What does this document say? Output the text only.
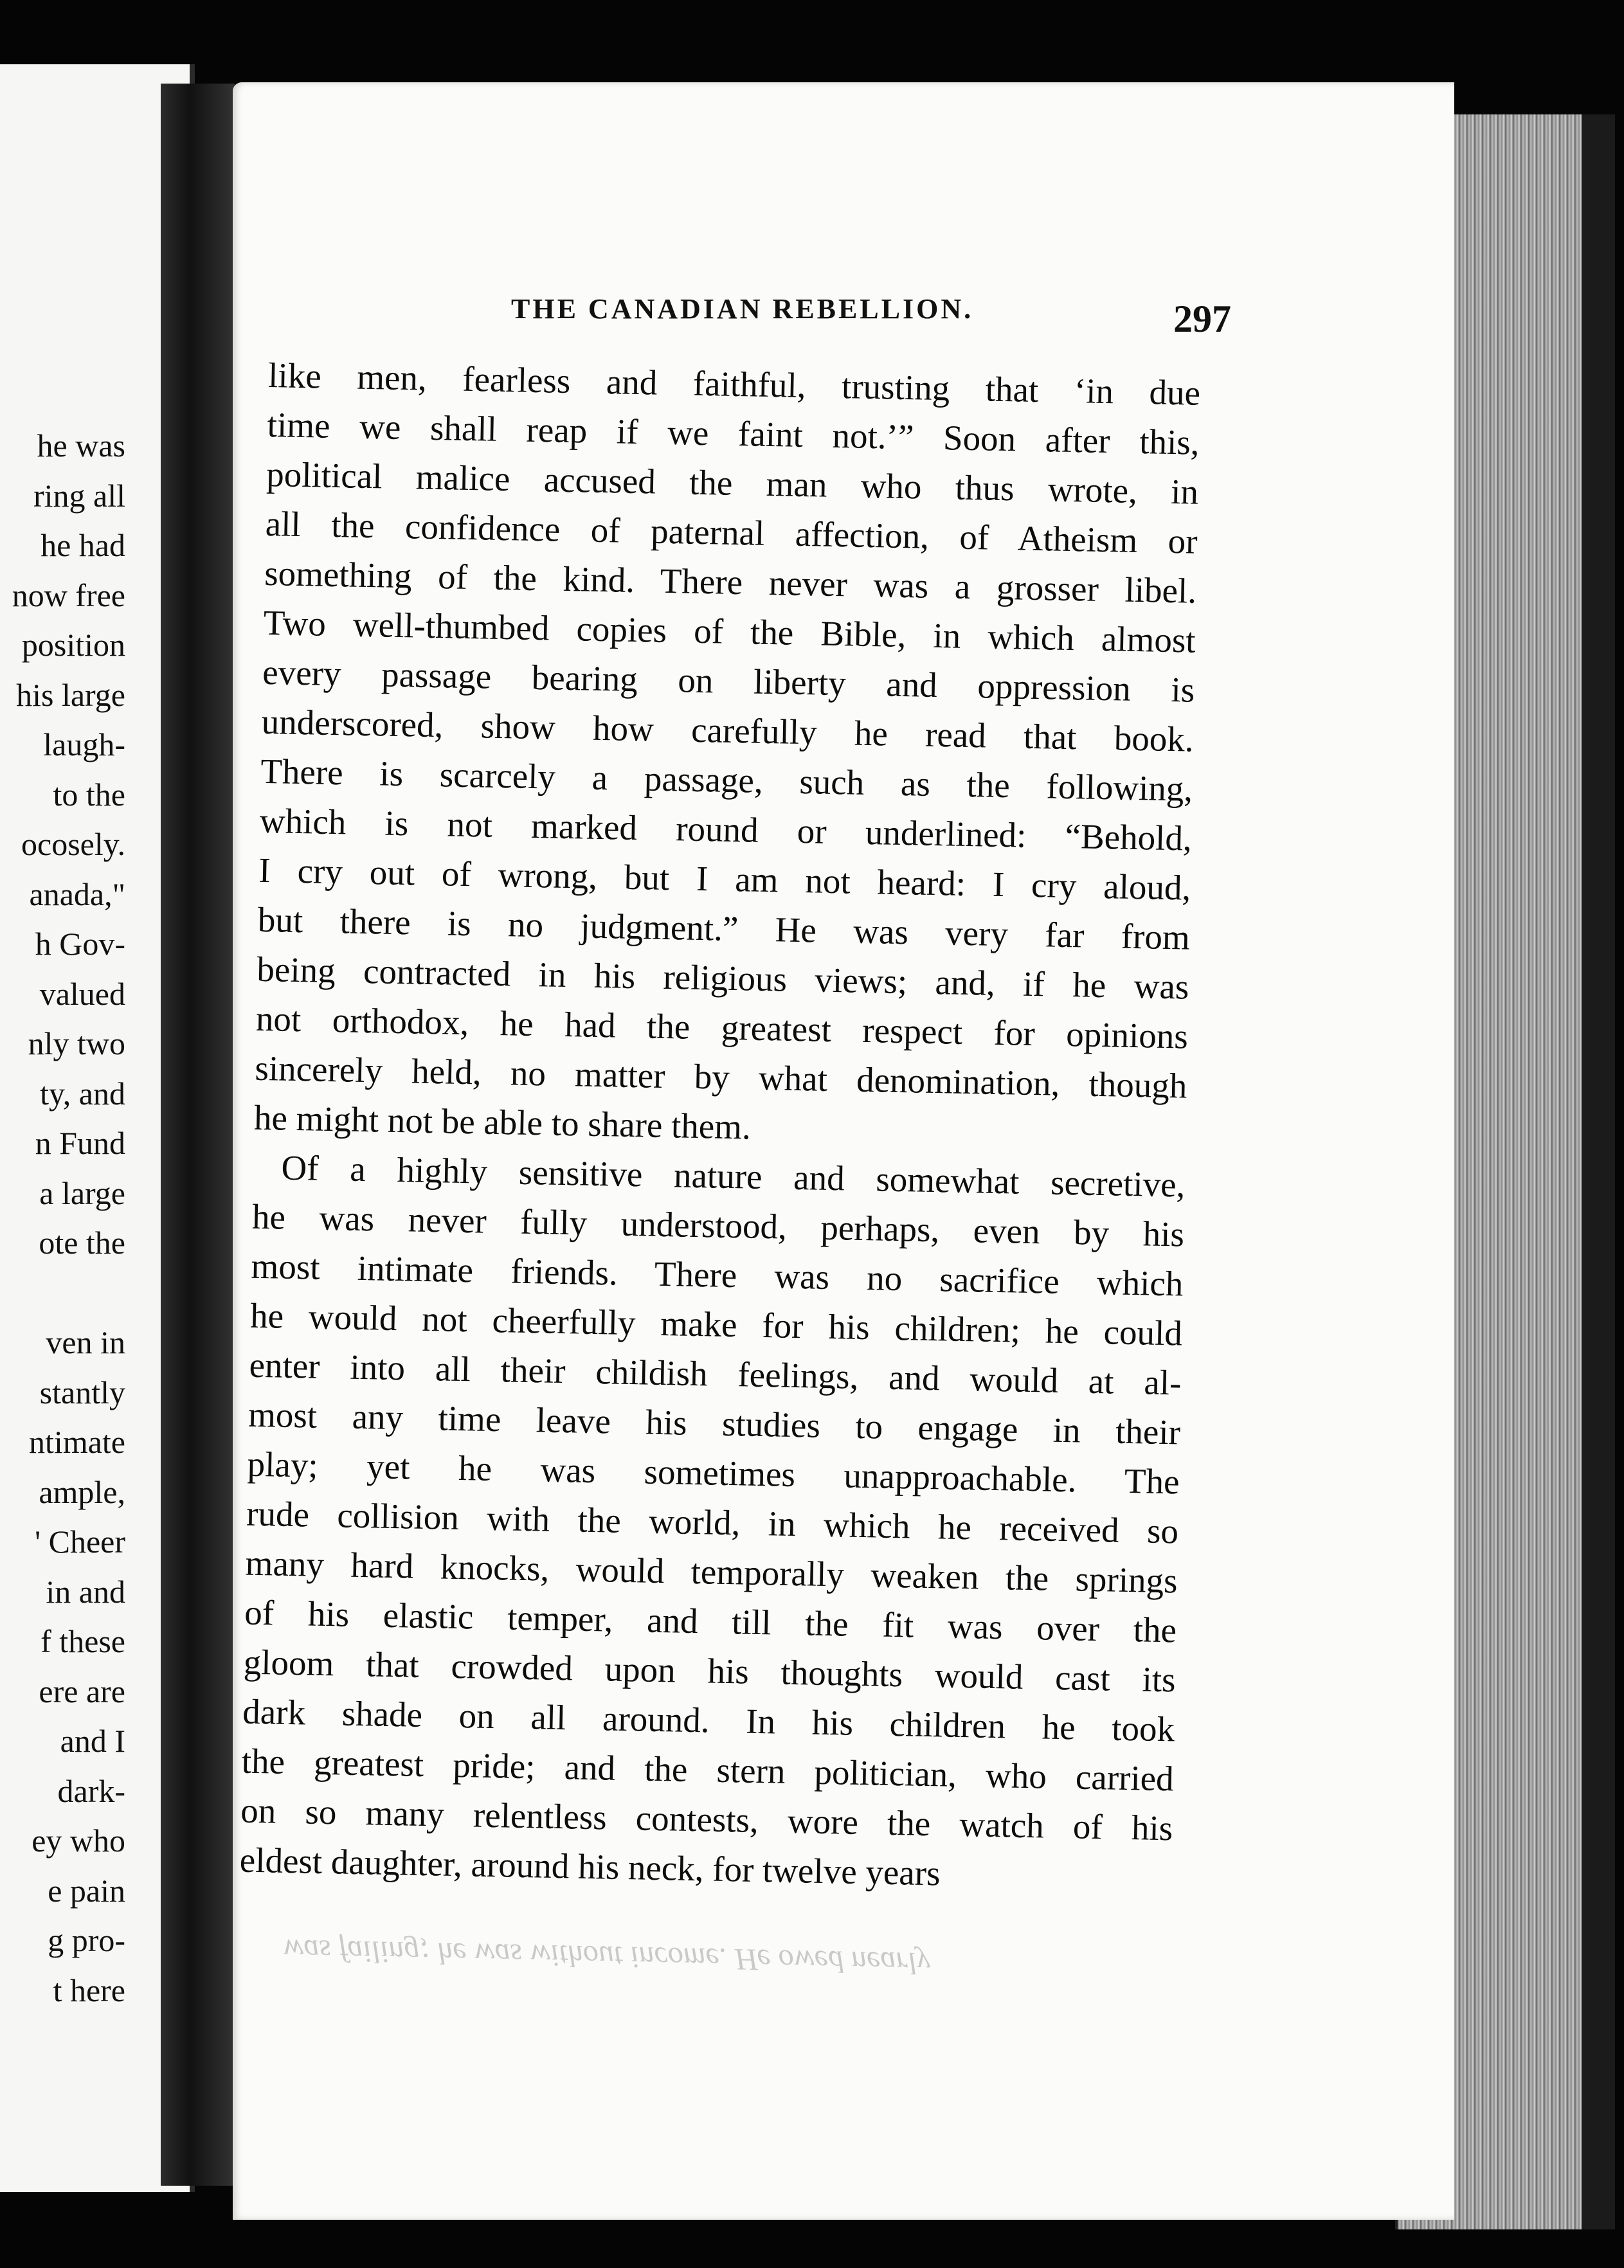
he was
ring all
he had
now free
position
his large
laugh-
to the
ocosely.
anada,"
h Gov-
valued
nly two
ty, and
n Fund
a large
ote the
ven in
stantly
ntimate
ample,
' Cheer
in and
f these
ere are
and I
dark-
ey who
e pain
g pro-
t here
THE CANADIAN REBELLION.	297
like men, fearless and faithful, trusting that ‘in due
time we shall reap if we faint not.’” Soon after this,
political malice accused the man who thus wrote, in
all the confidence of paternal affection, of Atheism or
something of the kind. There never was a grosser libel.
Two well-thumbed copies of the Bible, in which almost
every passage bearing on liberty and oppression is
underscored, show how carefully he read that book.
There is scarcely a passage, such as the following,
which is not marked round or underlined: “Behold,
I cry out of wrong, but I am not heard: I cry aloud,
but there is no judgment.” He was very far from
being contracted in his religious views; and, if he was
not orthodox, he had the greatest respect for opinions
sincerely held, no matter by what denomination, though
he might not be able to share them.
Of a highly sensitive nature and somewhat secretive,
he was never fully understood, perhaps, even by his
most intimate friends. There was no sacrifice which
he would not cheerfully make for his children; he could
enter into all their childish feelings, and would at al-
most any time leave his studies to engage in their
play; yet he was sometimes unapproachable. The
rude collision with the world, in which he received so
many hard knocks, would temporally weaken the springs
of his elastic temper, and till the fit was over the
gloom that crowded upon his thoughts would cast its
dark shade on all around. In his children he took
the greatest pride; and the stern politician, who carried
on so many relentless contests, wore the watch of his
eldest daughter, around his neck, for twelve years
was failing; he was without income. He owed nearly
